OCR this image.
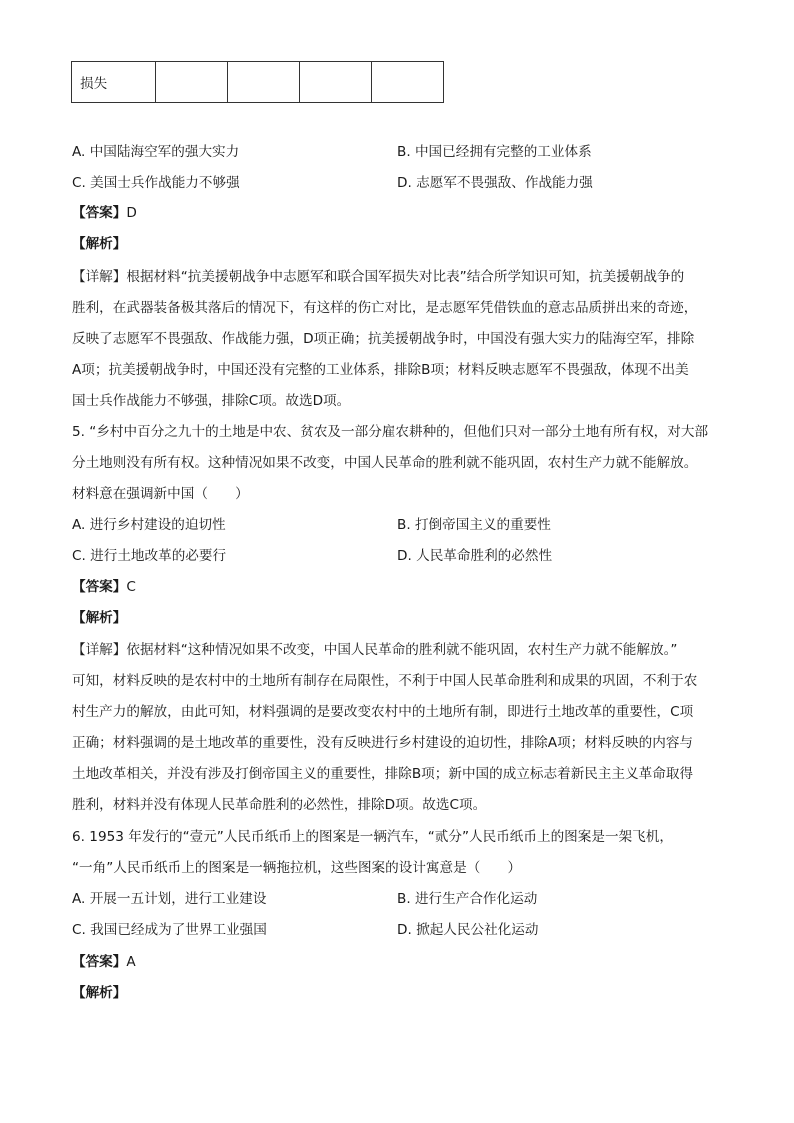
损失				
A. 中国陆海空军的强大实力	B. 中国已经拥有完整的工业体系
C. 美国士兵作战能力不够强	D. 志愿军不畏强敌、作战能力强
【答案】D
【解析】
【详解】根据材料“抗美援朝战争中志愿军和联合国军损失对比表”结合所学知识可知，抗美援朝战争的
胜利，在武器装备极其落后的情况下，有这样的伤亡对比，是志愿军凭借铁血的意志品质拼出来的奇迹，
反映了志愿军不畏强敌、作战能力强，D项正确；抗美援朝战争时，中国没有强大实力的陆海空军，排除
A项；抗美援朝战争时，中国还没有完整的工业体系，排除B项；材料反映志愿军不畏强敌，体现不出美
国士兵作战能力不够强，排除C项。故选D项。
5. “乡村中百分之九十的土地是中农、贫农及一部分雇农耕种的，但他们只对一部分土地有所有权，对大部
分土地则没有所有权。这种情况如果不改变，中国人民革命的胜利就不能巩固，农村生产力就不能解放。
材料意在强调新中国（　　）
A. 进行乡村建设的迫切性	B. 打倒帝国主义的重要性
C. 进行土地改革的必要行	D. 人民革命胜利的必然性
【答案】C
【解析】
【详解】依据材料“这种情况如果不改变，中国人民革命的胜利就不能巩固，农村生产力就不能解放。”
可知，材料反映的是农村中的土地所有制存在局限性，不利于中国人民革命胜利和成果的巩固，不利于农
村生产力的解放，由此可知，材料强调的是要改变农村中的土地所有制，即进行土地改革的重要性，C项
正确；材料强调的是土地改革的重要性，没有反映进行乡村建设的迫切性，排除A项；材料反映的内容与
土地改革相关，并没有涉及打倒帝国主义的重要性，排除B项；新中国的成立标志着新民主主义革命取得
胜利，材料并没有体现人民革命胜利的必然性，排除D项。故选C项。
6. 1953 年发行的“壹元”人民币纸币上的图案是一辆汽车，“贰分”人民币纸币上的图案是一架飞机，
“一角”人民币纸币上的图案是一辆拖拉机，这些图案的设计寓意是（　　）
A. 开展一五计划，进行工业建设	B. 进行生产合作化运动
C. 我国已经成为了世界工业强国	D. 掀起人民公社化运动
【答案】A
【解析】
